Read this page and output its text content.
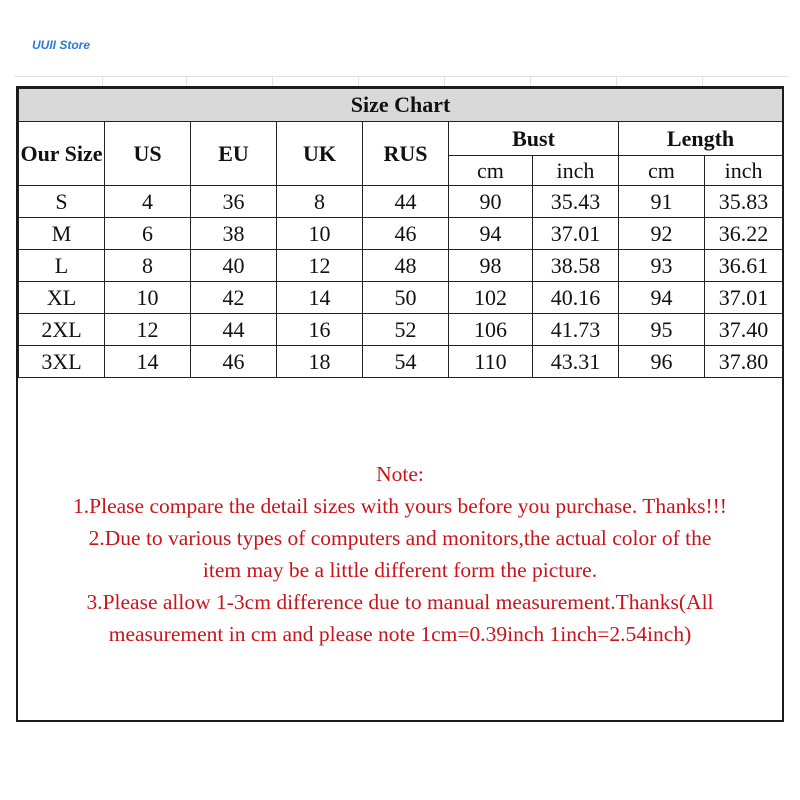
UUII Store
Size Chart								
Our Size	US	EU	UK	RUS	Bust		Length	
					cm	inch	cm	inch
S	4	36	8	44	90	35.43	91	35.83
M	6	38	10	46	94	37.01	92	36.22
L	8	40	12	48	98	38.58	93	36.61
XL	10	42	14	50	102	40.16	94	37.01
2XL	12	44	16	52	106	41.73	95	37.40
3XL	14	46	18	54	110	43.31	96	37.80
Note:
1.Please compare the detail sizes with yours before you purchase. Thanks!!!
2.Due to various types of computers and monitors,the actual color of the
item may be a little different form the picture.
3.Please allow 1-3cm difference due to manual measurement.Thanks(All
measurement in cm and please note 1cm=0.39inch 1inch=2.54inch)
